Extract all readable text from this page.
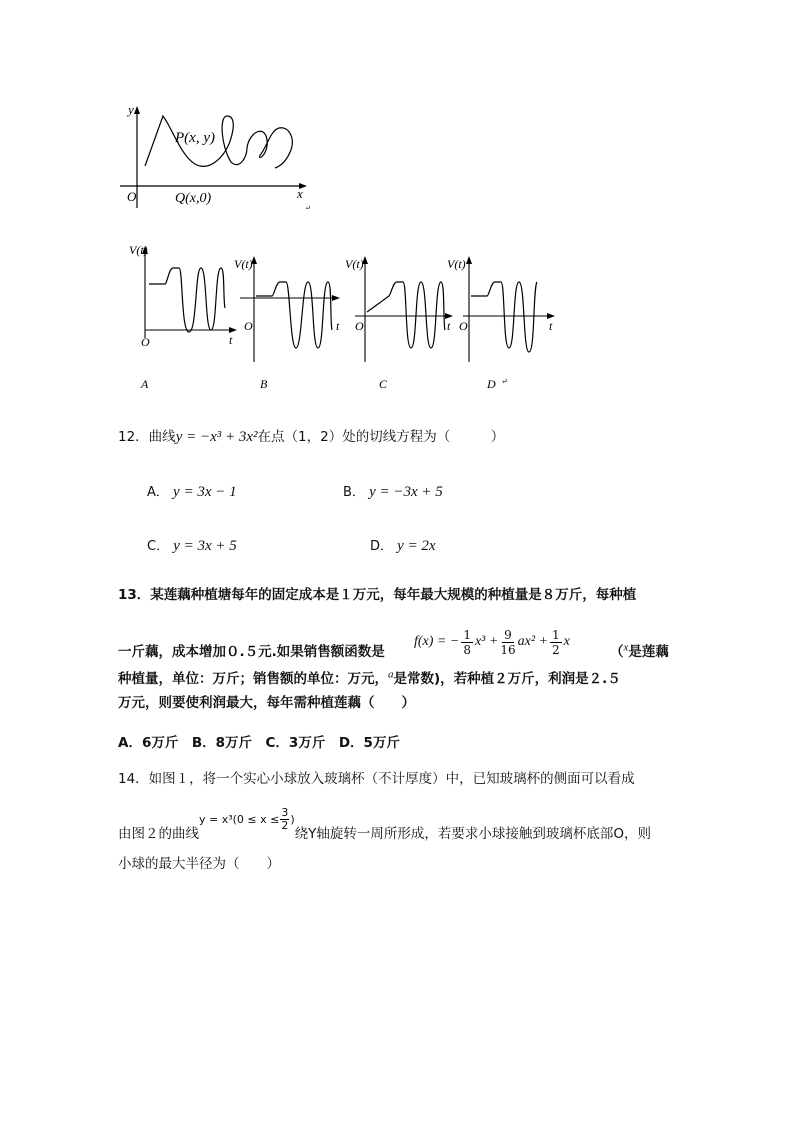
y
x
O
P(x, y)
Q(x,0)
↵
V(t)
t
O
A
V(t)
t
O
B
V(t)
t
O
C
V(t)
t
O
D ↵
12．曲线y = −x³ + 3x²在点（1，2）处的切线方程为（　　　）
A． y = 3x − 1	B． y = −3x + 5
C． y = 3x + 5	D． y = 2x
13．某莲藕种植塘每年的固定成本是１万元，每年最大规模的种植量是８万斤，每种植
一斤藕，成本增加０.５元.如果销售额函数是
f(x) = − $\frac{1}{8} x^3 + \frac{9}{16} ax^2 + \frac{1}{2}$ x
（$^x$是莲藕
种植量，单位：万斤；销售额的单位：万元，$^a$是常数)，若种植２万斤，利润是２.５
万元，则要使利润最大，每年需种植莲藕（　　）
A．6万斤　B．8万斤　C．3万斤　D．5万斤
14．如图１，将一个实心小球放入玻璃杯（不计厚度）中，已知玻璃杯的侧面可以看成
由图２的曲线
$y = x^3(0 \le x \le \frac{3}{2}$ )
绕Y轴旋转一周所形成，若要求小球接触到玻璃杯底部O，则
小球的最大半径为（　　）
